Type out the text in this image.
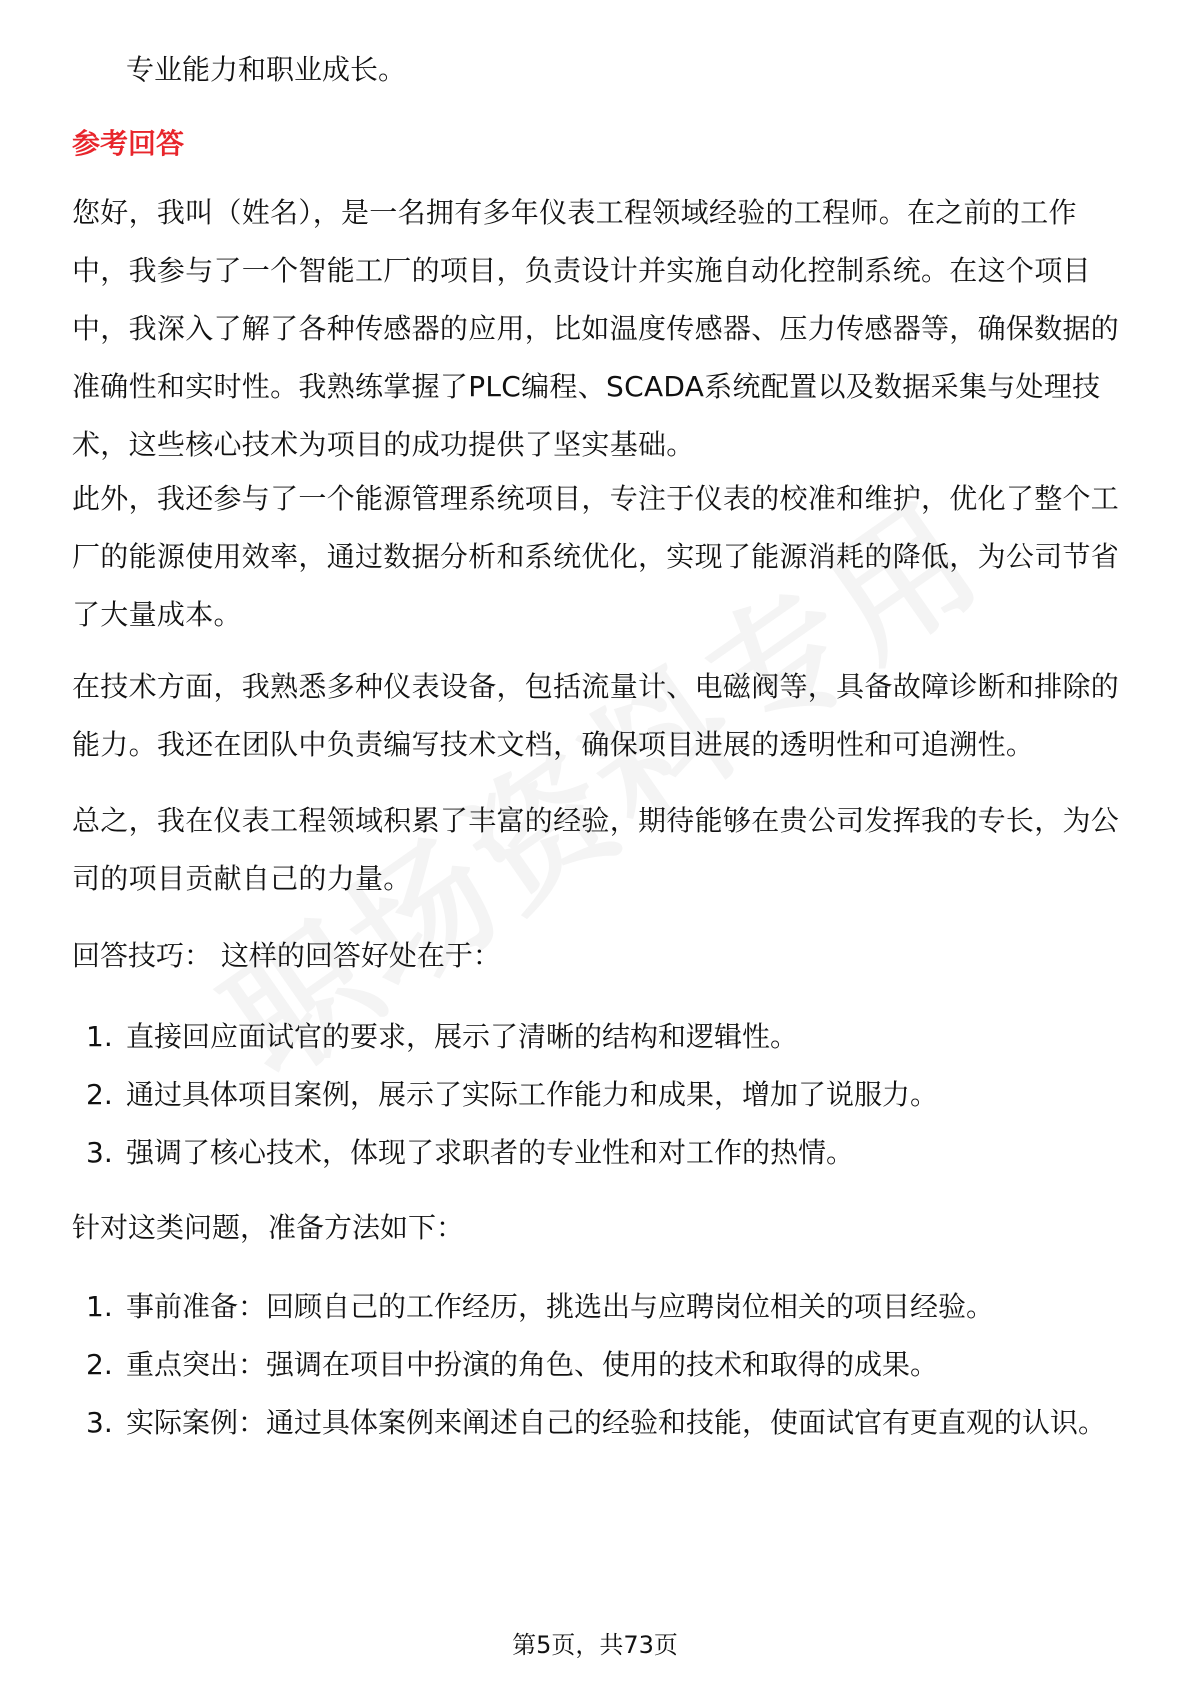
专业能力和职业成长。
参考回答

您好，我叫（姓名），是一名拥有多年仪表工程领域经验的工程师。在之前的工作中，我参与了一个智能工厂的项目，负责设计并实施自动化控制系统。在这个项目中，我深入了解了各种传感器的应用，比如温度传感器、压力传感器等，确保数据的准确性和实时性。我熟练掌握了PLC编程、SCADA系统配置以及数据采集与处理技术，这些核心技术为项目的成功提供了坚实基础。

此外，我还参与了一个能源管理系统项目，专注于仪表的校准和维护，优化了整个工厂的能源使用效率，通过数据分析和系统优化，实现了能源消耗的降低，为公司节省了大量成本。

在技术方面，我熟悉多种仪表设备，包括流量计、电磁阀等，具备故障诊断和排除的能力。我还在团队中负责编写技术文档，确保项目进展的透明性和可追溯性。

总之，我在仪表工程领域积累了丰富的经验，期待能够在贵公司发挥我的专长，为公司的项目贡献自己的力量。

回答技巧： 这样的回答好处在于：

1. 直接回应面试官的要求，展示了清晰的结构和逻辑性。
2. 通过具体项目案例，展示了实际工作能力和成果，增加了说服力。
3. 强调了核心技术，体现了求职者的专业性和对工作的热情。

针对这类问题，准备方法如下：

1. 事前准备：回顾自己的工作经历，挑选出与应聘岗位相关的项目经验。
2. 重点突出：强调在项目中扮演的角色、使用的技术和取得的成果。
3. 实际案例：通过具体案例来阐述自己的经验和技能，使面试官有更直观的认识。
第5页，共73页
